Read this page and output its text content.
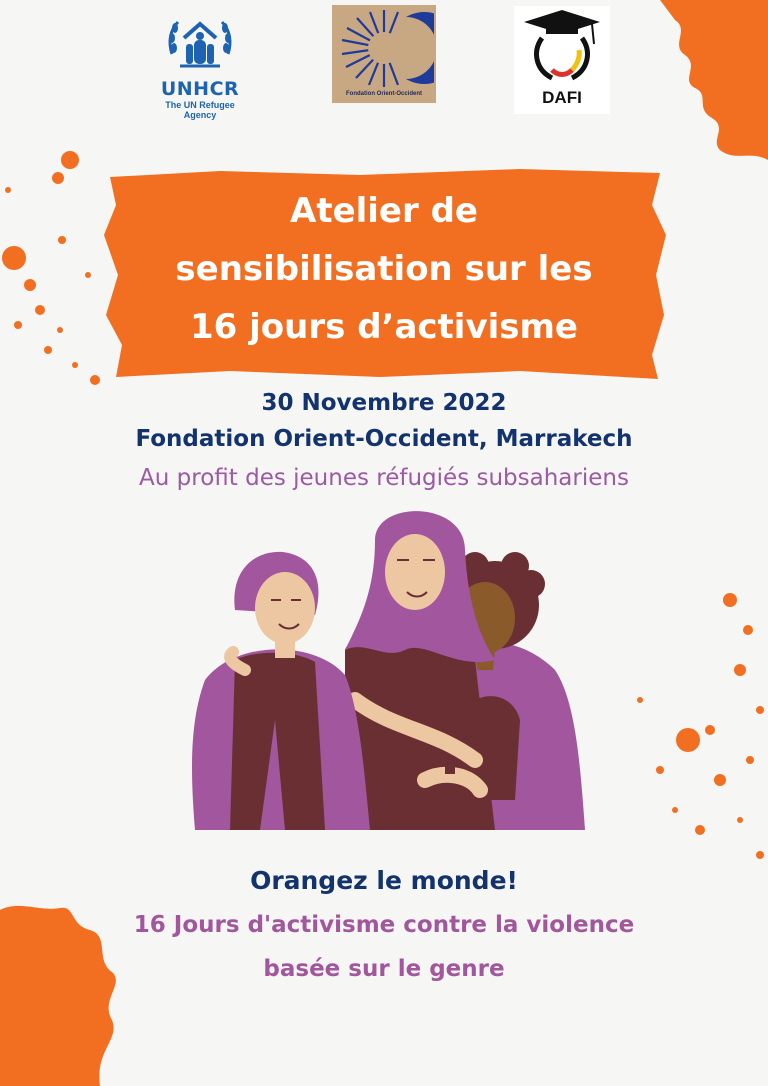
UNHCR
The UN Refugee Agency
Fondation Orient-Occident	DAFI
Atelier de
sensibilisation sur les
16 jours d’activisme
30 Novembre 2022
Fondation Orient-Occident, Marrakech
Au profit des jeunes réfugiés subsahariens
Orangez le monde!
16 Jours d'activisme contre la violence
basée sur le genre
